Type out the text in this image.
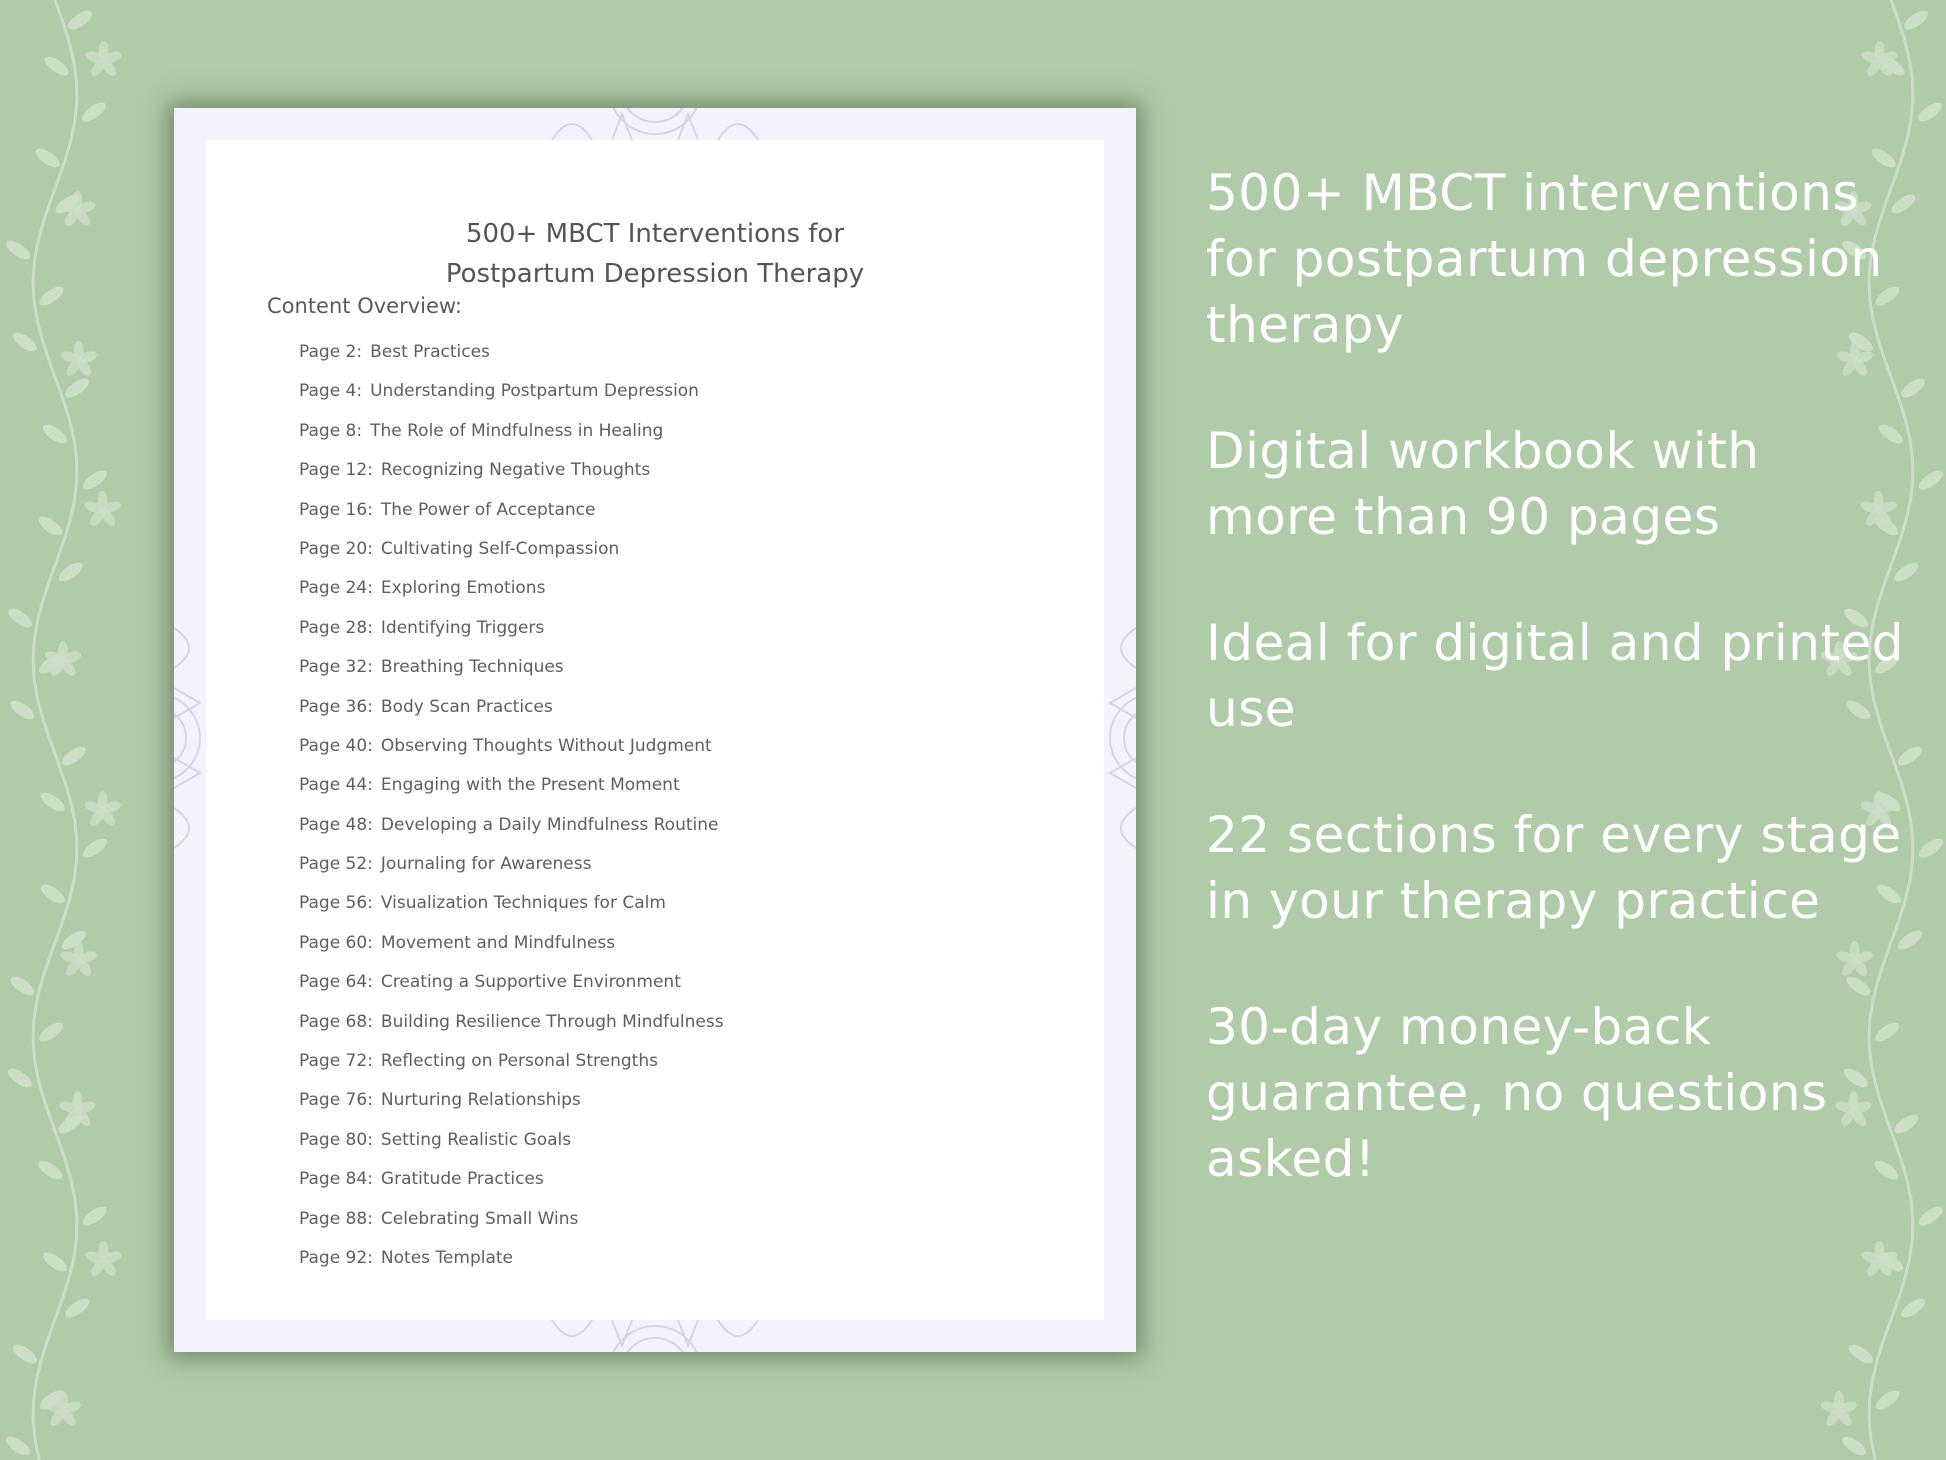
500+ MBCT Interventions for
Postpartum Depression Therapy
Content Overview:
Page 2: Best Practices
Page 4: Understanding Postpartum Depression
Page 8: The Role of Mindfulness in Healing
Page 12: Recognizing Negative Thoughts
Page 16: The Power of Acceptance
Page 20: Cultivating Self-Compassion
Page 24: Exploring Emotions
Page 28: Identifying Triggers
Page 32: Breathing Techniques
Page 36: Body Scan Practices
Page 40: Observing Thoughts Without Judgment
Page 44: Engaging with the Present Moment
Page 48: Developing a Daily Mindfulness Routine
Page 52: Journaling for Awareness
Page 56: Visualization Techniques for Calm
Page 60: Movement and Mindfulness
Page 64: Creating a Supportive Environment
Page 68: Building Resilience Through Mindfulness
Page 72: Reflecting on Personal Strengths
Page 76: Nurturing Relationships
Page 80: Setting Realistic Goals
Page 84: Gratitude Practices
Page 88: Celebrating Small Wins
Page 92: Notes Template

500+ MBCT interventions for postpartum depression therapy

Digital workbook with more than 90 pages

Ideal for digital and printed use

22 sections for every stage in your therapy practice

30-day money-back guarantee, no questions asked!
